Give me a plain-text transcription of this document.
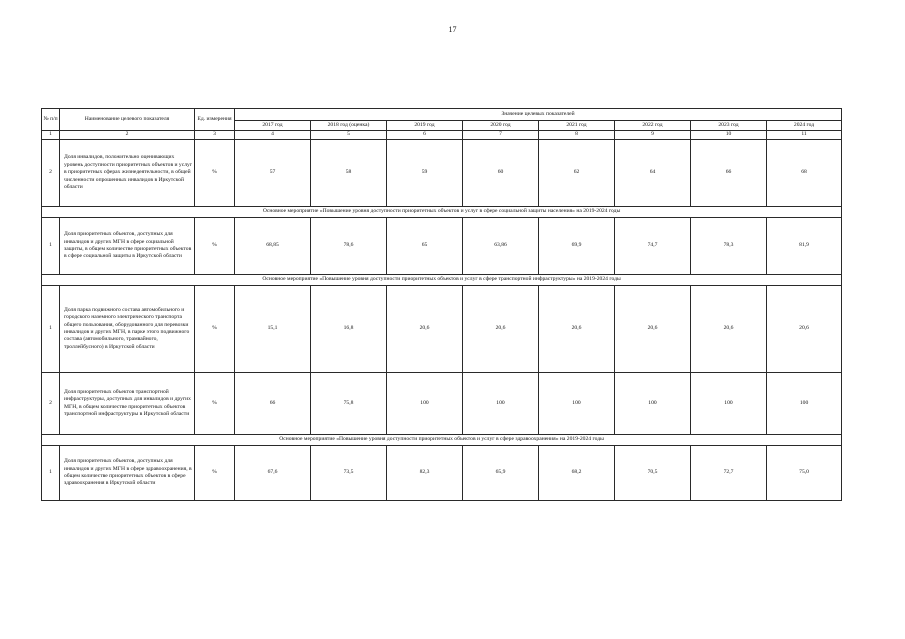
17
№ п/п	Наименование целевого показателя	Ед. измерения	Значение целевых показателей							
			2017 год	2018 год (оценка)	2019 год	2020 год	2021 год	2022 год	2023 год	2024 год
1	2	3	4	5	6	7	8	9	10	11
2	Доля инвалидов, положительно оценивающих уровень доступности приоритетных объектов и услуг в приоритетных сферах жизнедеятельности, в общей численности опрошенных инвалидов в Иркутской области	%	57	58	59	60	62	64	66	68
Основное мероприятие «Повышение уровня доступности приоритетных объектов и услуг в сфере социальной защиты населения» на 2019-2024 годы										
1	Доля приоритетных объектов, доступных для инвалидов и других МГН в сфере социальной защиты, в общем количестве приоритетных объектов в сфере социальной защиты в Иркутской области	%	68,85	78,6	65	63,86	69,9	74,7	78,3	81,9
Основное мероприятие «Повышение уровня доступности приоритетных объектов и услуг в сфере транспортной инфраструктуры» на 2019-2024 годы										
1	Доля парка подвижного состава автомобильного и городского наземного электрического транспорта общего пользования, оборудованного для перевозки инвалидов и других МГН, в парке этого подвижного состава (автомобильного, трамвайного, троллейбусного) в Иркутской области	%	15,1	16,8	20,6	20,6	20,6	20,6	20,6	20,6
2	Доля приоритетных объектов транспортной инфраструктуры, доступных для инвалидов и других МГН, в общем количестве приоритетных объектов транспортной инфраструктуры в Иркутской области	%	66	75,8	100	100	100	100	100	100
Основное мероприятие «Повышение уровня доступности приоритетных объектов и услуг в сфере здравоохранения» на 2019-2024 годы										
1	Доля приоритетных объектов, доступных для инвалидов и других МГН в сфере здравоохранения, в общем количестве приоритетных объектов в сфере здравоохранения в Иркутской области	%	67,6	73,5	82,3	65,9	68,2	70,5	72,7	75,0
